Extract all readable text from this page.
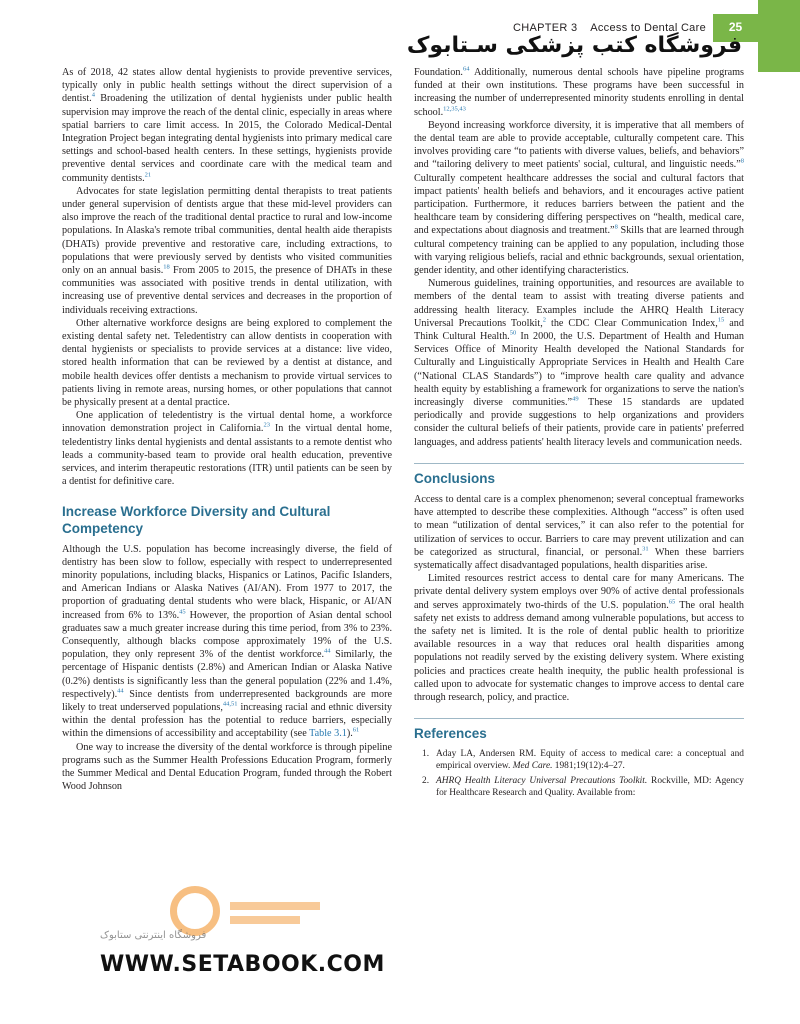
CHAPTER 3 Access to Dental Care	25
فروشگاه کتب پزشکی سـتابوک

As of 2018, 42 states allow dental hygienists to provide preventive services, typically only in public health settings without the direct supervision of a dentist.$^4$ Broadening the utilization of dental hygienists under public health supervision may improve the reach of the dental clinic, especially in areas where spatial barriers to care limit access. In 2015, the Colorado Medical-Dental Integration Project began integrating dental hygienists into primary medical care settings and school-based health centers. In these settings, hygienists provide preventive dental services and coordinate care with the medical team and community dentists.$^{21}$

Advocates for state legislation permitting dental therapists to treat patients under general supervision of dentists argue that these mid-level providers can also improve the reach of the traditional dental practice to rural and low-income populations. In Alaska's remote tribal communities, dental health aide therapists (DHATs) provide preventive and restorative care, including extractions, to populations that were previously served by dentists who visited communities only on an annual basis.$^{18}$ From 2005 to 2015, the presence of DHATs in these communities was associated with positive trends in dental utilization, with increasing use of preventive dental services and decreases in the proportion of individuals receiving extractions.

Other alternative workforce designs are being explored to complement the existing dental safety net. Teledentistry can allow dentists in cooperation with dental hygienists or specialists to provide services at a distance: live video, stored health information that can be reviewed by a dentist at distance, and mobile health devices offer dentists a mechanism to provide virtual services to patients living in remote areas, nursing homes, or other populations that cannot be physically present at a dental practice.

One application of teledentistry is the virtual dental home, a workforce innovation demonstration project in California.$^{23}$ In the virtual dental home, teledentistry links dental hygienists and dental assistants to a remote dentist who leads a community-based team to provide oral health education, preventive services, and interim therapeutic restorations (ITR) until patients can be seen by a dentist for definitive care.

Increase Workforce Diversity and Cultural Competency

Although the U.S. population has become increasingly diverse, the field of dentistry has been slow to follow, especially with respect to underrepresented minority populations, including blacks, Hispanics or Latinos, Pacific Islanders, and American Indians or Alaska Natives (AI/AN). From 1977 to 2017, the proportion of graduating dental students who were black, Hispanic, or AI/AN increased from 6% to 13%.$^{45}$ However, the proportion of Asian dental school graduates saw a much greater increase during this time period, from 3% to 23%. Consequently, although blacks compose approximately 19% of the U.S. population, they only represent 3% of the dentist workforce.$^{44}$ Similarly, the percentage of Hispanic dentists (2.8%) and American Indian or Alaska Native (0.2%) dentists is significantly less than the general population (22% and 1.4%, respectively).$^{44}$ Since dentists from underrepresented backgrounds are more likely to treat underserved populations,$^{44,51}$ increasing racial and ethnic diversity within the dental profession has the potential to reduce barriers, especially within the dimensions of accessibility and acceptability (see Table 3.1).$^{61}$

One way to increase the diversity of the dental workforce is through pipeline programs such as the Summer Health Professions Education Program, formerly the Summer Medical and Dental Education Program, funded through the Robert Wood Johnson

Foundation.$^{64}$ Additionally, numerous dental schools have pipeline programs funded at their own institutions. These programs have been successful in increasing the number of underrepresented minority students enrolling in dental school.$^{12,35,43}$

Beyond increasing workforce diversity, it is imperative that all members of the dental team are able to provide acceptable, culturally competent care. This involves providing care “to patients with diverse values, beliefs, and behaviors” and “tailoring delivery to meet patients' social, cultural, and linguistic needs.”$^8$ Culturally competent healthcare addresses the social and cultural factors that impact patients' health beliefs and behaviors, and it encourages active patient participation. Furthermore, it reduces barriers between the patient and the healthcare team by considering differing perspectives on “health, medical care, and expectations about diagnosis and treatment.”$^8$ Skills that are learned through cultural competency training can be applied to any population, including those with varying religious beliefs, racial and ethnic backgrounds, sexual orientation, gender identity, and other identifying characteristics.

Numerous guidelines, training opportunities, and resources are available to members of the dental team to assist with treating diverse patients and addressing health literacy. Examples include the AHRQ Health Literacy Universal Precautions Toolkit,$^2$ the CDC Clear Communication Index,$^{15}$ and Think Cultural Health.$^{50}$ In 2000, the U.S. Department of Health and Human Services Office of Minority Health developed the National Standards for Culturally and Linguistically Appropriate Services in Health and Health Care (“National CLAS Standards”) to “improve health care quality and advance health equity by establishing a framework for organizations to serve the nation's increasingly diverse communities.”$^{49}$ These 15 standards are updated periodically and provide suggestions to help organizations and providers consider the cultural beliefs of their patients, provide care in patients' preferred languages, and address patients' health literacy levels and communication needs.

Conclusions

Access to dental care is a complex phenomenon; several conceptual frameworks have attempted to describe these complexities. Although “access” is often used to mean “utilization of dental services,” it can also refer to the potential for utilization of services to occur. Barriers to care may prevent utilization and can be categorized as structural, financial, or personal.$^{31}$ When these barriers systematically affect disadvantaged populations, health disparities arise.

Limited resources restrict access to dental care for many Americans. The private dental delivery system employs over 90% of active dental professionals and serves approximately two-thirds of the U.S. population.$^{65}$ The oral health safety net exists to address demand among vulnerable populations, but access to the safety net is limited. It is the role of dental public health to prioritize available resources in a way that reduces oral health disparities among populations not readily served by the existing delivery system. Where existing policies and practices create health inequity, the public health professional is called upon to advocate for systematic changes to improve access to dental care through research, policy, and practice.

References
1. Aday LA, Andersen RM. Equity of access to medical care: a conceptual and empirical overview. Med Care. 1981;19(12):4–27.
2. AHRQ Health Literacy Universal Precautions Toolkit. Rockville, MD: Agency for Healthcare Research and Quality. Available from:
فروشگاه اینترنتی ستابوک
WWW.SETABOOK.COM
